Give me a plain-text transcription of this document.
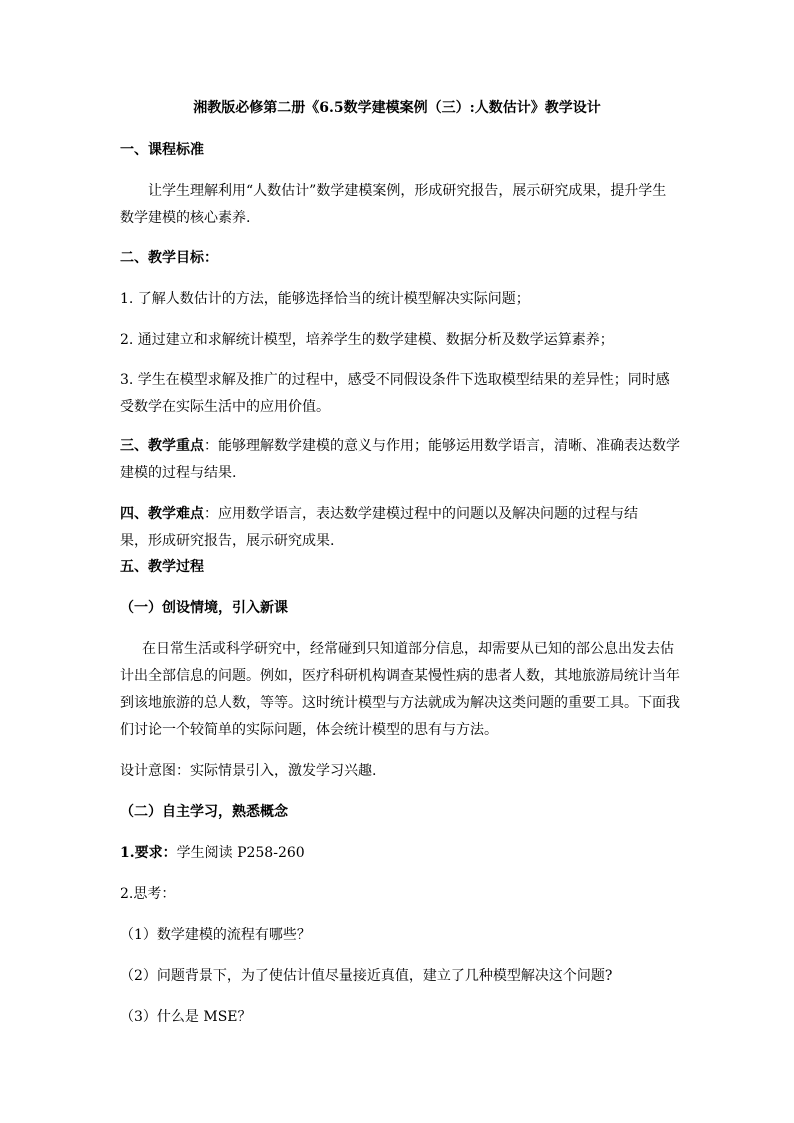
湘教版必修第二册《6.5数学建模案例（三）:人数估计》教学设计
一、课程标准
让学生理解利用“人数估计”数学建模案例，形成研究报告，展示研究成果，提升学生
数学建模的核心素养.
二、教学目标：
1. 了解人数估计的方法，能够选择恰当的统计模型解决实际问题；
2. 通过建立和求解统计模型，培养学生的数学建模、数据分析及数学运算素养；
3. 学生在模型求解及推广的过程中，感受不同假设条件下选取模型结果的差异性；同时感
受数学在实际生活中的应用价值。
三、教学重点：能够理解数学建模的意义与作用；能够运用数学语言，清晰、准确表达数学
建模的过程与结果.
四、教学难点：应用数学语言，表达数学建模过程中的问题以及解决问题的过程与结
果，形成研究报告，展示研究成果.
五、教学过程
（一）创设情境，引入新课
在日常生活或科学研究中，经常碰到只知道部分信息，却需要从已知的部公息出发去估
计出全部信息的问题。例如，医疗科研机构调查某慢性病的患者人数，其地旅游局统计当年
到该地旅游的总人数，等等。这时统计模型与方法就成为解决这类问题的重要工具。下面我
们讨论一个较简单的实际问题，体会统计模型的思有与方法。
设计意图：实际情景引入，激发学习兴趣.
（二）自主学习，熟悉概念
1.要求：学生阅读 P258-260
2.思考：
（1）数学建模的流程有哪些？
（2）问题背景下，为了使估计值尽量接近真值，建立了几种模型解决这个问题?
（3）什么是 MSE？
